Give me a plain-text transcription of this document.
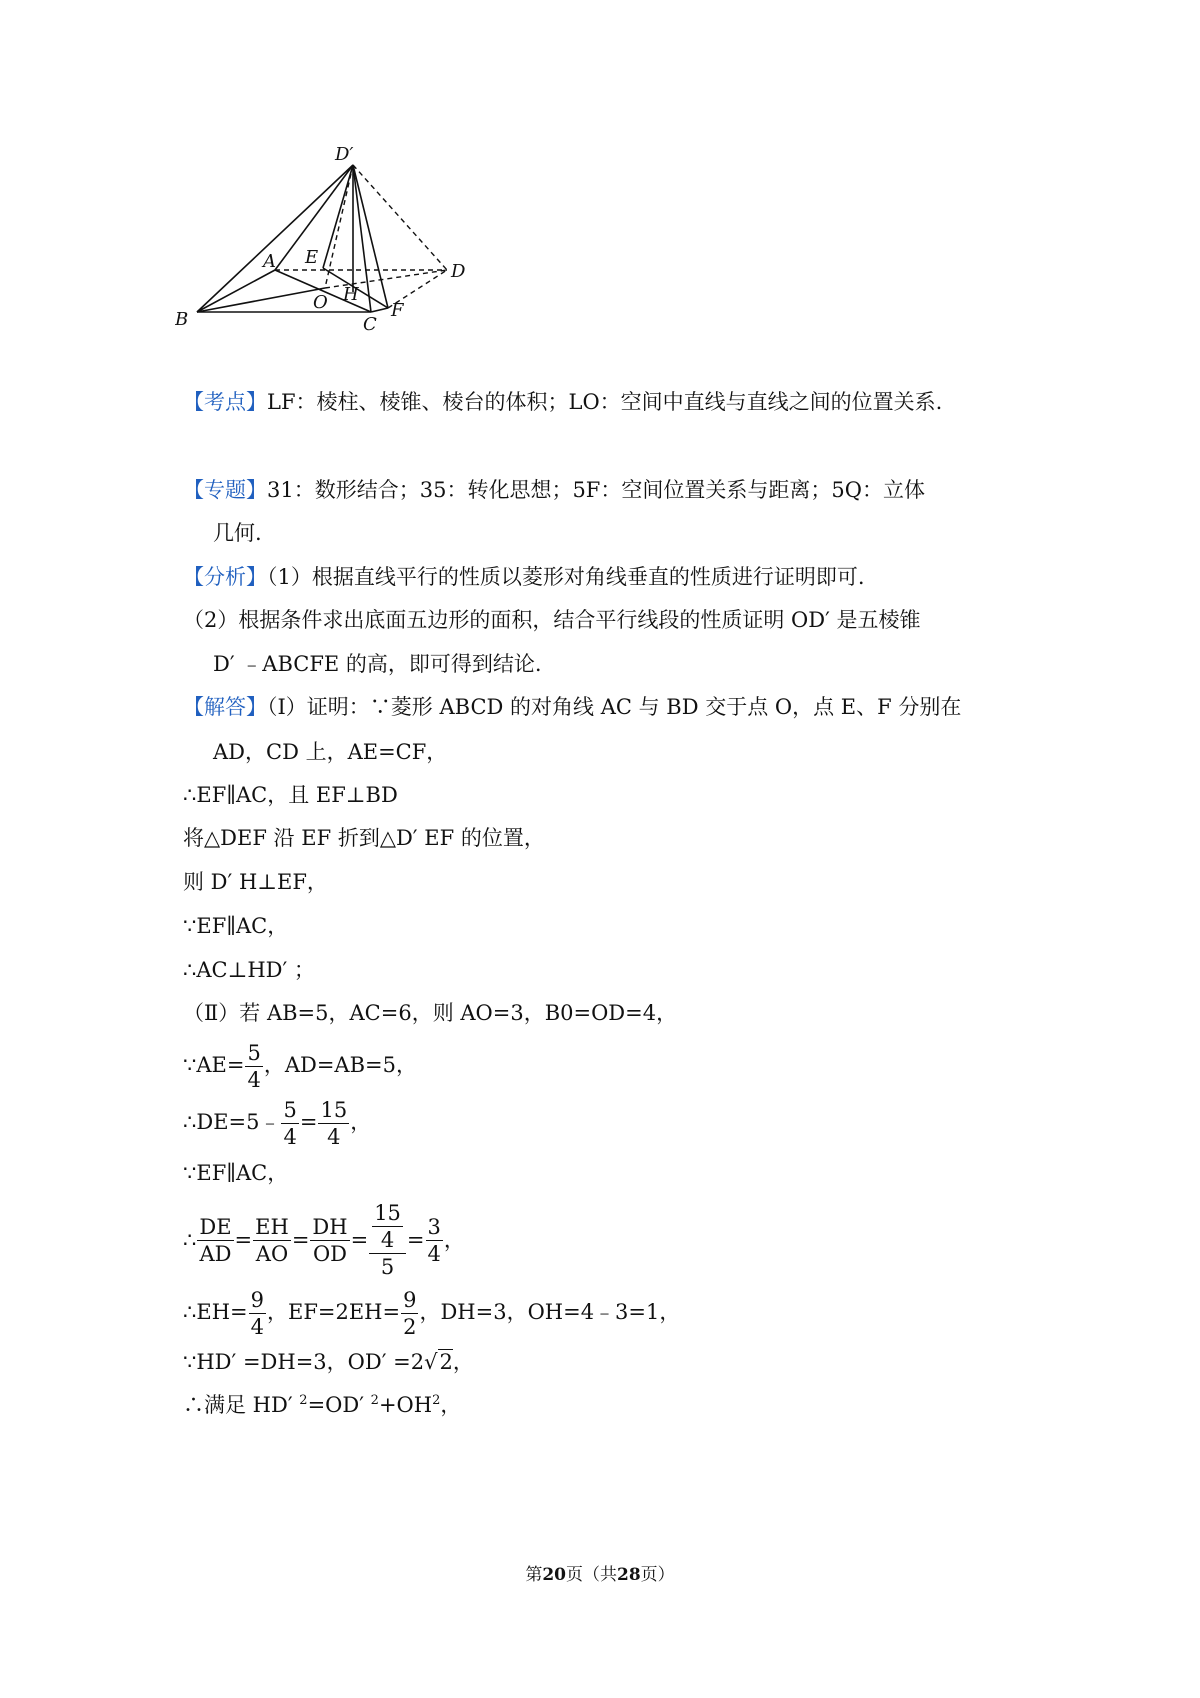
D′
A E
D
O H
B	C
F
【考点】LF：棱柱、棱锥、棱台的体积；LO：空间中直线与直线之间的位置关系.
【专题】31：数形结合；35：转化思想；5F：空间位置关系与距离；5Q：立体
几何.
【分析】（1）根据直线平行的性质以菱形对角线垂直的性质进行证明即可.
（2）根据条件求出底面五边形的面积，结合平行线段的性质证明 OD′ 是五棱锥
D′ ﹣ABCFE 的高，即可得到结论.
【解答】（Ⅰ）证明：∵菱形 ABCD 的对角线 AC 与 BD 交于点 O，点 E、F 分别在
AD，CD 上，AE=CF，
∴EF∥AC，且 EF⊥BD
将△DEF 沿 EF 折到△D′ EF 的位置，
则 D′ H⊥EF，
∵EF∥AC，
∴AC⊥HD′ ；
（Ⅱ）若 AB=5，AC=6，则 AO=3，B0=OD=4，
∵AE= $\frac{5}{4}$ ，AD=AB=5，
∴DE=5﹣ $\frac{5}{4} = \frac{15}{4}$ ，
∵EF∥AC，
∴ $\frac{DE}{AD} = \frac{EH}{AO} = \frac{DH}{OD} = \frac{\frac{15}{4}}{5} = \frac{3}{4}$ ，
∴EH= $\frac{9}{4}$ ，$EF=2EH= \frac{9}{2}$ ，DH=3，OH=4﹣3=1，
∵HD′ =DH=3，OD′ =2√2，
∴满足 HD′ $^2$=OD′ $^2+OH^2$，
第20页（共28页）
